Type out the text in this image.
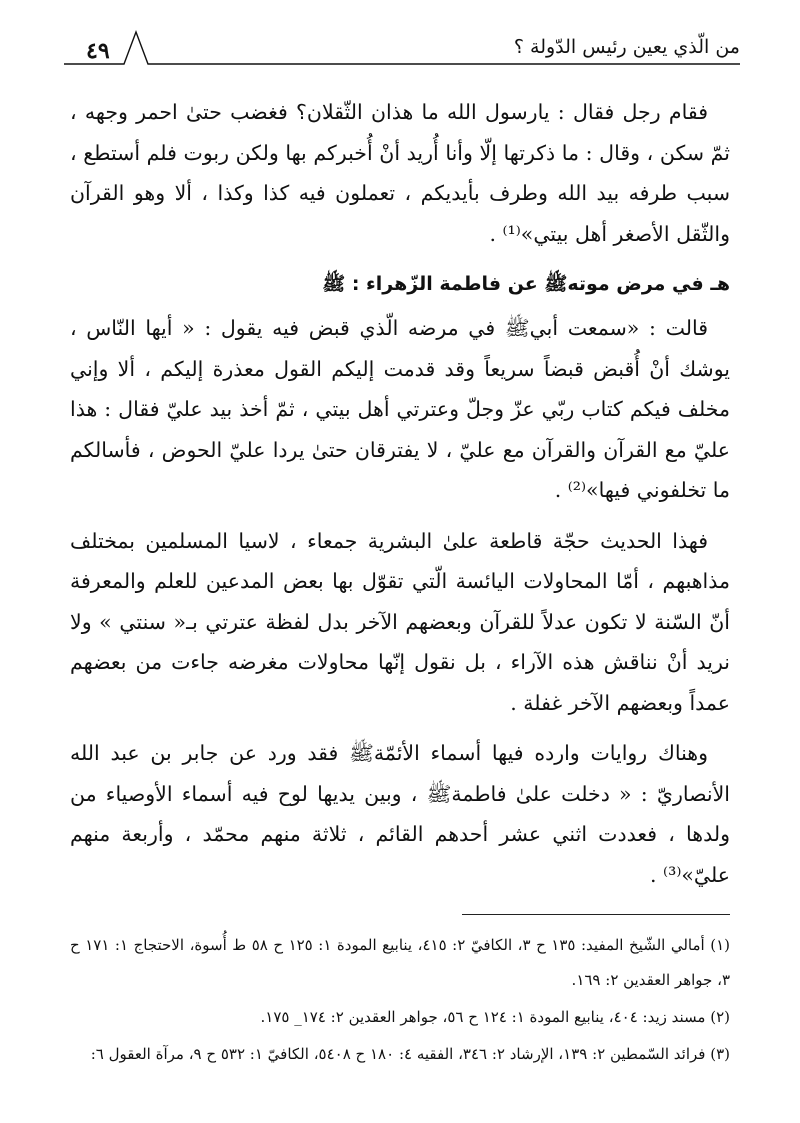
من الّذي يعين رئيس الدّولة ؟
٤٩

فقام رجل فقال : يارسول الله ما هذان الثّقلان؟ فغضب حتىٰ احمر وجهه ، ثمّ سكن ، وقال : ما ذكرتها إلّا وأنا أُريد أنْ أُخبركم بها ولكن ربوت فلم أستطع ، سبب طرفه بيد الله وطرف بأيديكم ، تعملون فيه كذا وكذا ، ألا وهو القرآن والثّقل الأصغر أهل بيتي»⁽¹⁾ .

هـ في مرض موتهﷺ عن فاطمة الزّهراء : ﷺ

قالت : «سمعت أبيﷺ في مرضه الّذي قبض فيه يقول : « أيها النّاس ، يوشك أنْ أُقبض قبضاً سريعاً وقد قدمت إليكم القول معذرة إليكم ، ألا وإني مخلف فيكم كتاب ربّي عزّ وجلّ وعترتي أهل بيتي ، ثمّ أخذ بيد عليّ فقال : هذا عليّ مع القرآن والقرآن مع عليّ ، لا يفترقان حتىٰ يردا عليّ الحوض ، فأسالكم ما تخلفوني فيها»⁽²⁾ .

فهذا الحديث حجّة قاطعة علىٰ البشرية جمعاء ، لاسيا المسلمين بمختلف مذاهبهم ، أمّا المحاولات اليائسة الّتي تقوّل بها بعض المدعين للعلم والمعرفة أنّ السّنة لا تكون عدلاً للقرآن وبعضهم الآخر بدل لفظة عترتي بـ« سنتي » ولا نريد أنْ نناقش هذه الآراء ، بل نقول إنّها محاولات مغرضه جاءت من بعضهم عمداً وبعضهم الآخر غفلة .

وهناك روايات وارده فيها أسماء الأئمّةﷺ فقد ورد عن جابر بن عبد الله الأنصاريّ : « دخلت علىٰ فاطمةﷺ ، وبين يديها لوح فيه أسماء الأوصياء من ولدها ، فعددت اثني عشر أحدهم القائم ، ثلاثة منهم محمّد ، وأربعة منهم عليّ»⁽³⁾ .

(١) أمالي الشّيخ المفيد: ١٣٥ ح ٣، الكافيّ ٢: ٤١٥، ينابيع المودة ١: ١٢٥ ح ٥٨ ط أُسوة، الاحتجاج ١: ١٧١ ح ٣، جواهر العقدين ٢: ١٦٩.

(٢) مسند زيد: ٤٠٤، ينابيع المودة ١: ١٢٤ ح ٥٦، جواهر العقدين ٢: ١٧٤_ ١٧٥.

(٣) فرائد السّمطين ٢: ١٣٩، الإرشاد ٢: ٣٤٦، الفقيه ٤: ١٨٠ ح ٥٤٠٨، الكافيّ ١: ٥٣٢ ح ٩، مرآة العقول ٦:
